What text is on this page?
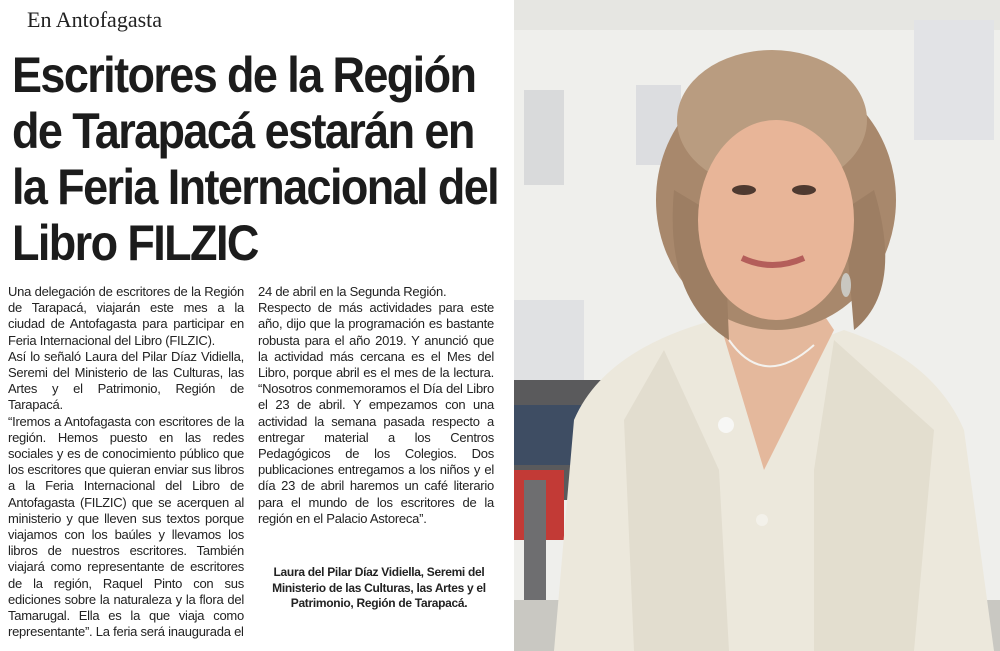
En Antofagasta
Escritores de la Región de Tarapacá estarán en la Feria Internacional del Libro FILZIC

Una delegación de escritores de la Región de Tarapacá, viajarán este mes a la ciudad de Antofagasta para participar en Feria Internacional del Libro (FILZIC).

Así lo señaló Laura del Pilar Díaz Vidiella, Seremi del Ministerio de las Culturas, las Artes y el Patrimonio, Región de Tarapacá.

“Iremos a Antofagasta con escritores de la región. Hemos puesto en las redes sociales y es de conocimiento público que los escritores que quieran enviar sus libros a la Feria Internacional del Libro de Antofagasta (FILZIC) que se acerquen al ministerio y que lleven sus textos porque viajamos con los baúles y llevamos los libros de nuestros escritores. También viajará como representante de escritores de la región, Raquel Pinto con sus ediciones sobre la naturaleza y la flora del Tamarugal. Ella es la que viaja como representante”. La feria será inaugurada el

24 de abril en la Segunda Región.

Respecto de más actividades para este año, dijo que la programación es bastante robusta para el año 2019. Y anunció que la actividad más cercana es el Mes del Libro, porque abril es el mes de la lectura. “Nosotros conmemoramos el Día del Libro el 23 de abril. Y empezamos con una actividad la semana pasada respecto a entregar material a los Centros Pedagógicos de los Colegios. Dos publicaciones entregamos a los niños y el día 23 de abril haremos un café literario para el mundo de los escritores de la región en el Palacio Astoreca”.

Laura del Pilar Díaz Vidiella, Seremi del Ministerio de las Culturas, las Artes y el Patrimonio, Región de Tarapacá.
